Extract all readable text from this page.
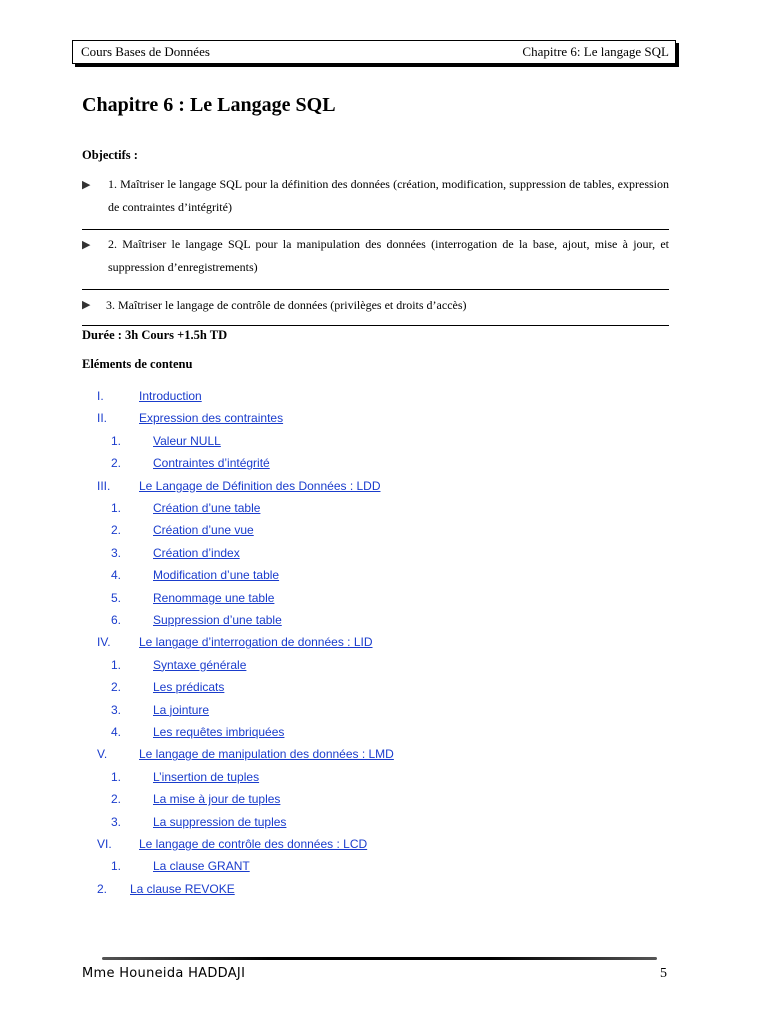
Cours Bases de Données	Chapitre 6: Le langage SQL
Chapitre 6 : Le Langage SQL
Objectifs :
▶ 1. Maîtriser le langage SQL pour la définition des données (création, modification, suppression de tables, expression de contraintes d’intégrité)
▶ 2. Maîtriser le langage SQL pour la manipulation des données (interrogation de la base, ajout, mise à jour, et suppression d’enregistrements)
▶ 3. Maîtriser le langage de contrôle de données (privilèges et droits d’accès)
Durée : 3h Cours +1.5h TD
Eléments de contenu
I.	Introduction
II.	Expression des contraintes
1.	Valeur NULL
2.	Contraintes d’intégrité
III. Le Langage de Définition des Données : LDD
1.	Création d’une table
2.	Création d’une vue
3.	Création d’index
4.	Modification d’une table
5.	Renommage une table
6.	Suppression d’une table
IV. Le langage d’interrogation de données : LID
1.	Syntaxe générale
2.	Les prédicats
3.	La jointure
4.	Les requêtes imbriquées
V.	Le langage de manipulation des données : LMD
1.	L’insertion de tuples
2.	La mise à jour de tuples
3.	La suppression de tuples
VI. Le langage de contrôle des données : LCD
1.	La clause GRANT
2. La clause REVOKE
Mme Houneida HADDAJI	5
